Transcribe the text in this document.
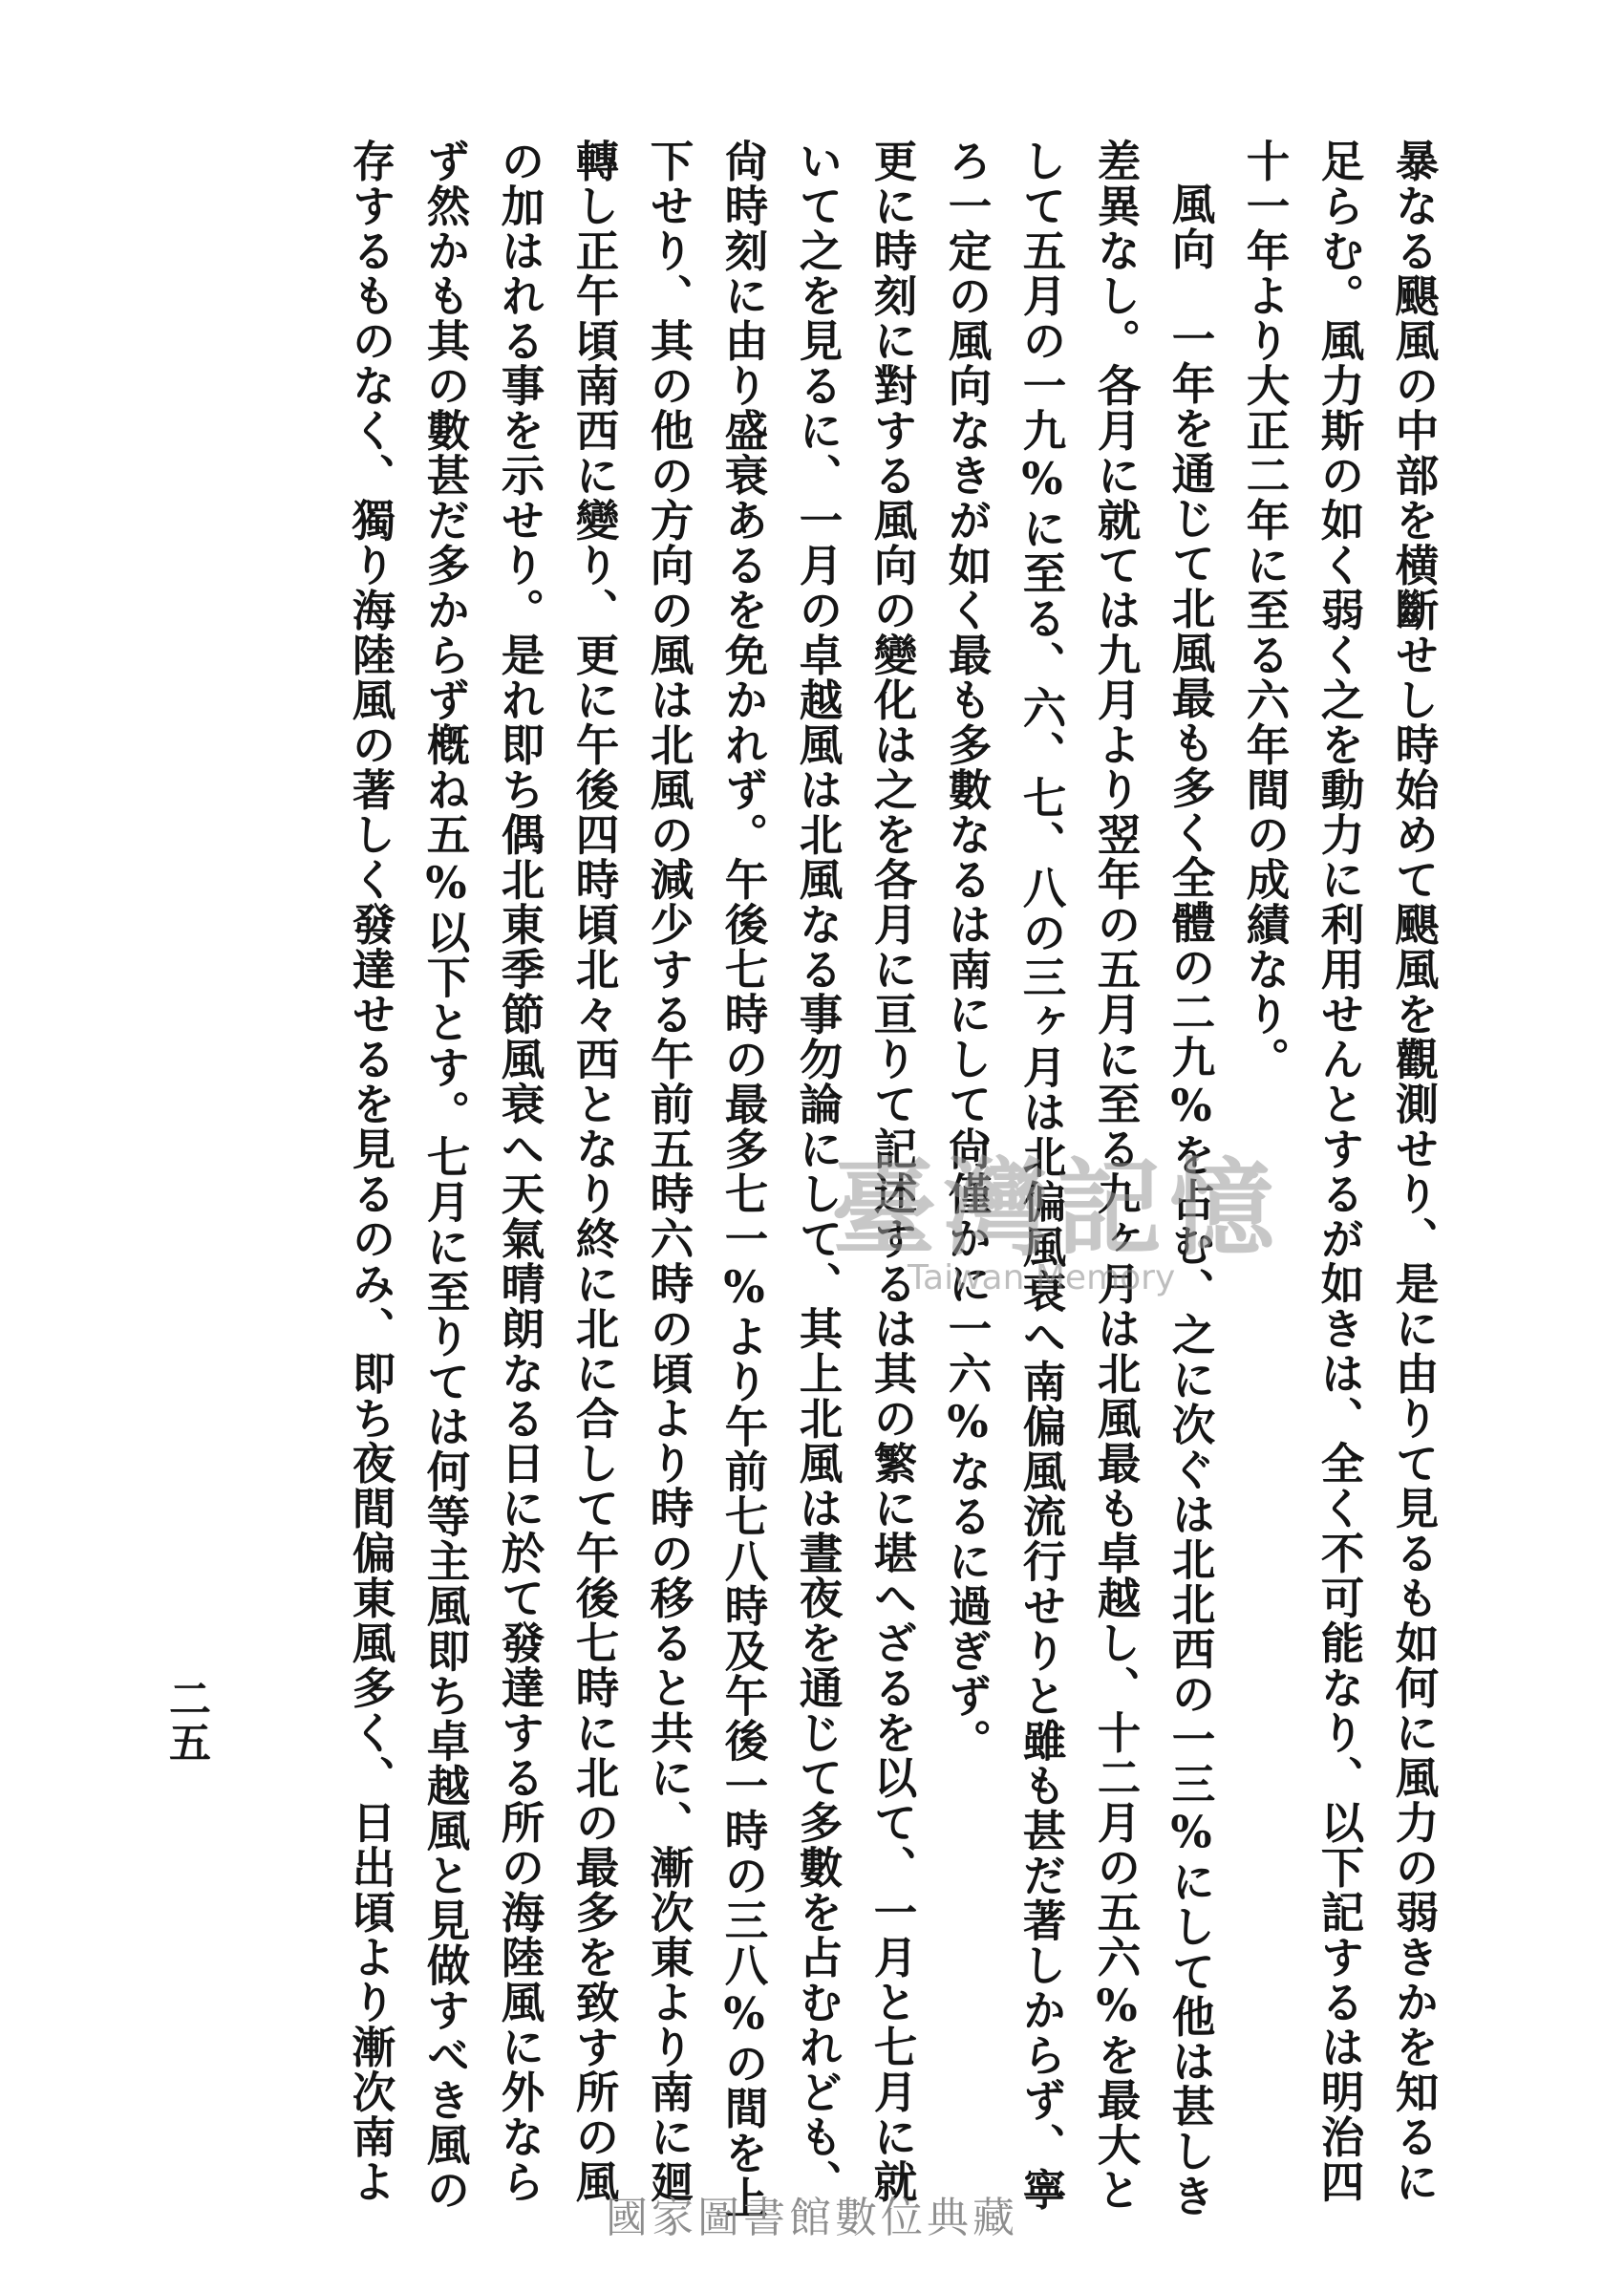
暴なる颶風の中部を横斷せし時始めて颶風を觀測せり、是に由りて見るも如何に風力の弱きかを知るに
足らむ。風力斯の如く弱く之を動力に利用せんとするが如きは、全く不可能なり、以下記するは明治四
十一年より大正二年に至る六年間の成績なり。
風向　一年を通じて北風最も多く全體の二九%を占む、之に次ぐは北北西の一三%にして他は甚しき
差異なし。各月に就ては九月より翌年の五月に至る九ヶ月は北風最も卓越し、十二月の五六%を最大と
して五月の一九%に至る、六、七、八の三ヶ月は北偏風衰へ南偏風流行せりと雖も甚だ著しからず、寧
ろ一定の風向なきが如く最も多數なるは南にして尙僅かに一六%なるに過ぎず。
更に時刻に對する風向の變化は之を各月に亘りて記述するは其の繁に堪へざるを以て、一月と七月に就
いて之を見るに、一月の卓越風は北風なる事勿論にして、其上北風は晝夜を通じて多數を占むれども、
尙時刻に由り盛衰あるを免かれず。午後七時の最多七一%より午前七八時及午後一時の三八%の間を上
下せり、其の他の方向の風は北風の減少する午前五時六時の頃より時の移ると共に、漸次東より南に廻
轉し正午頃南西に變り、更に午後四時頃北々西となり終に北に合して午後七時に北の最多を致す所の風
の加はれる事を示せり。是れ即ち偶北東季節風衰へ天氣晴朗なる日に於て發達する所の海陸風に外なら
ず然かも其の數甚だ多からず槪ね五%以下とす。七月に至りては何等主風即ち卓越風と見做すべき風の
存するものなく、獨り海陸風の著しく發達せるを見るのみ、即ち夜間偏東風多く、日出頃より漸次南よ
二五
臺灣記憶
Taiwan Memory
國家圖書館數位典藏
